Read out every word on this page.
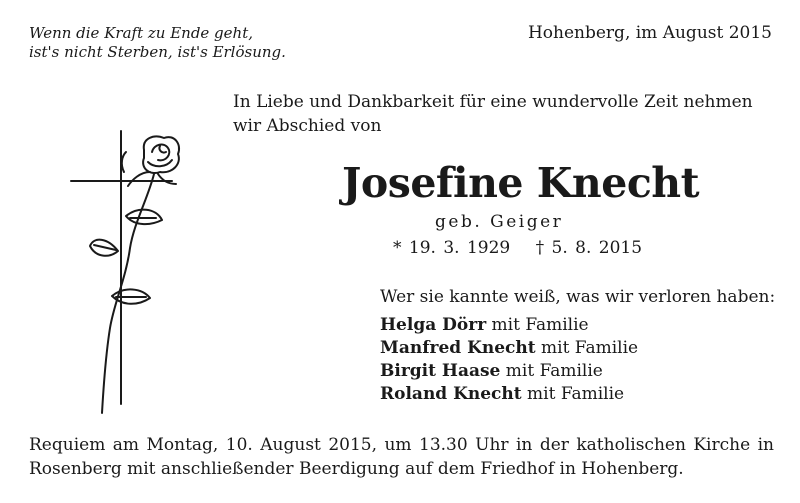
Wenn die Kraft zu Ende geht,
ist's nicht Sterben, ist's Erlösung.
Hohenberg, im August 2015
In Liebe und Dankbarkeit für eine wundervolle Zeit nehmen wir Abschied von
Josefine Knecht
geb. Geiger
* 19. 3. 1929 † 5. 8. 2015
Wer sie kannte weiß, was wir verloren haben:
Helga Dörr mit Familie
Manfred Knecht mit Familie
Birgit Haase mit Familie
Roland Knecht mit Familie
Requiem am Montag, 10. August 2015, um 13.30 Uhr in der katholischen Kirche in Rosenberg mit anschließender Beerdigung auf dem Friedhof in Hohenberg.
